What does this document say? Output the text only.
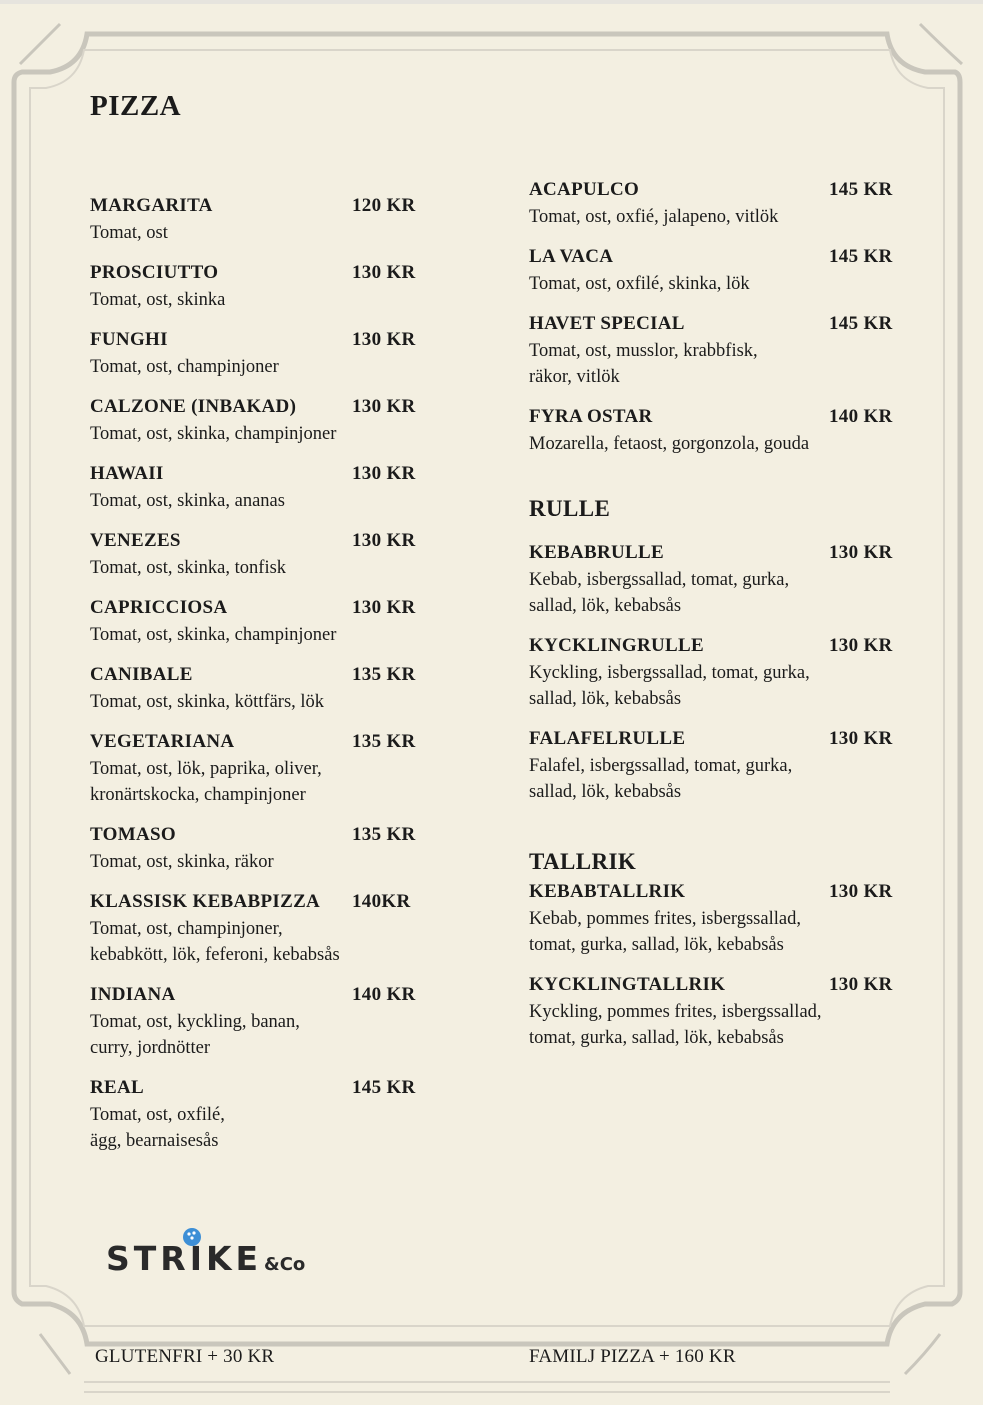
PIZZA
MARGARITA	120 KR
Tomat, ost
PROSCIUTTO	130 KR
Tomat, ost, skinka
FUNGHI	130 KR
Tomat, ost, champinjoner
CALZONE (INBAKAD)	130 KR
Tomat, ost, skinka, champinjoner
HAWAII	130 KR
Tomat, ost, skinka, ananas
VENEZES	130 KR
Tomat, ost, skinka, tonfisk
CAPRICCIOSA	130 KR
Tomat, ost, skinka, champinjoner
CANIBALE	135 KR
Tomat, ost, skinka, köttfärs, lök
VEGETARIANA	135 KR
Tomat, ost, lök, paprika, oliver,
kronärtskocka, champinjoner
TOMASO	135 KR
Tomat, ost, skinka, räkor
KLASSISK KEBABPIZZA	140KR
Tomat, ost, champinjoner,
kebabkött, lök, feferoni, kebabsås
INDIANA	140 KR
Tomat, ost, kyckling, banan,
curry, jordnötter
REAL	145 KR
Tomat, ost, oxfilé,
ägg, bearnaisesås
ACAPULCO	145 KR
Tomat, ost, oxfié, jalapeno, vitlök
LA VACA	145 KR
Tomat, ost, oxfilé, skinka, lök
HAVET SPECIAL	145 KR
Tomat, ost, musslor, krabbfisk,
räkor, vitlök
FYRA OSTAR	140 KR
Mozarella, fetaost, gorgonzola, gouda
RULLE
KEBABRULLE	130 KR
Kebab, isbergssallad, tomat, gurka,
sallad, lök, kebabsås
KYCKLINGRULLE	130 KR
Kyckling, isbergssallad, tomat, gurka,
sallad, lök, kebabsås
FALAFELRULLE	130 KR
Falafel, isbergssallad, tomat, gurka,
sallad, lök, kebabsås
TALLRIK
KEBABTALLRIK	130 KR
Kebab, pommes frites, isbergssallad,
tomat, gurka, sallad, lök, kebabsås
KYCKLINGTALLRIK	130 KR
Kyckling, pommes frites, isbergssallad,
tomat, gurka, sallad, lök, kebabsås
STRIKE &Co
GLUTENFRI + 30 KR	FAMILJ PIZZA + 160 KR
